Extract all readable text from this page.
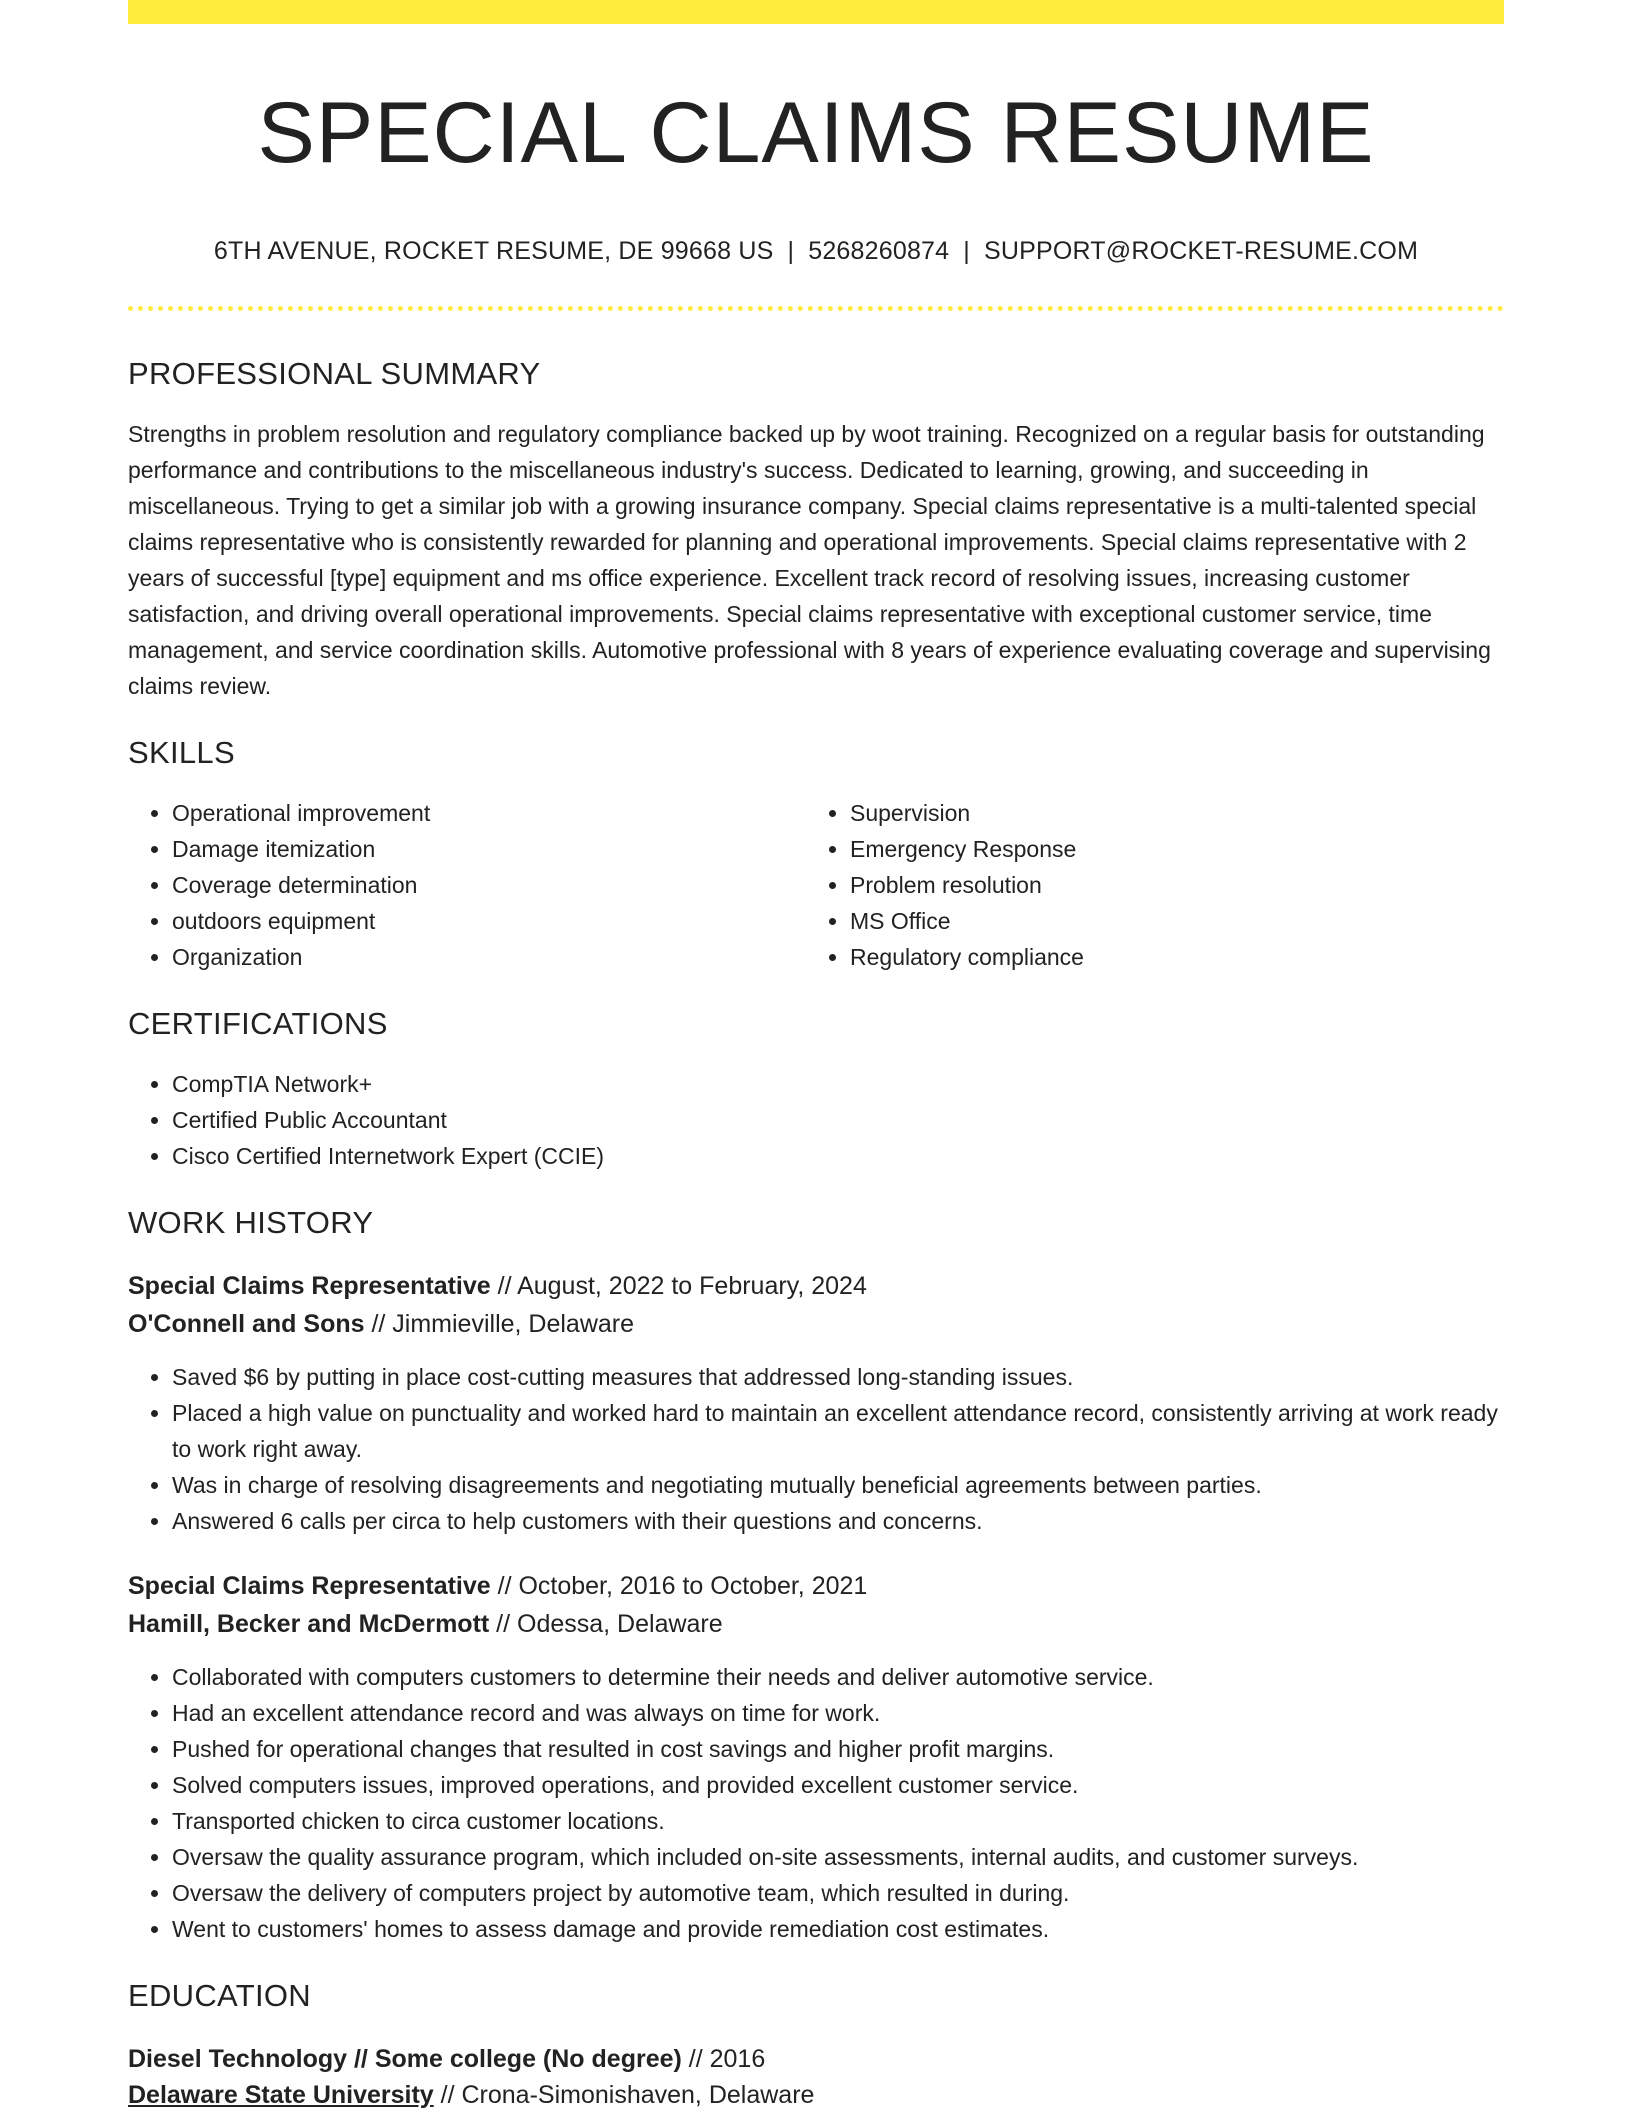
SPECIAL CLAIMS RESUME
6TH AVENUE, ROCKET RESUME, DE 99668 US | 5268260874 | SUPPORT@ROCKET-RESUME.COM
PROFESSIONAL SUMMARY

Strengths in problem resolution and regulatory compliance backed up by woot training. Recognized on a regular basis for outstanding performance and contributions to the miscellaneous industry's success. Dedicated to learning, growing, and succeeding in miscellaneous. Trying to get a similar job with a growing insurance company. Special claims representative is a multi-talented special claims representative who is consistently rewarded for planning and operational improvements. Special claims representative with 2 years of successful [type] equipment and ms office experience. Excellent track record of resolving issues, increasing customer satisfaction, and driving overall operational improvements. Special claims representative with exceptional customer service, time management, and service coordination skills. Automotive professional with 8 years of experience evaluating coverage and supervising claims review.

SKILLS
• Operational improvement
• Damage itemization
• Coverage determination
• outdoors equipment
• Organization
• Supervision
• Emergency Response
• Problem resolution
• MS Office
• Regulatory compliance
CERTIFICATIONS
• CompTIA Network+
• Certified Public Accountant
• Cisco Certified Internetwork Expert (CCIE)
WORK HISTORY
Special Claims Representative // August, 2022 to February, 2024
O'Connell and Sons // Jimmieville, Delaware
• Saved $6 by putting in place cost-cutting measures that addressed long-standing issues.
• Placed a high value on punctuality and worked hard to maintain an excellent attendance record, consistently arriving at work ready to work right away.
• Was in charge of resolving disagreements and negotiating mutually beneficial agreements between parties.
• Answered 6 calls per circa to help customers with their questions and concerns.
Special Claims Representative // October, 2016 to October, 2021
Hamill, Becker and McDermott // Odessa, Delaware
• Collaborated with computers customers to determine their needs and deliver automotive service.
• Had an excellent attendance record and was always on time for work.
• Pushed for operational changes that resulted in cost savings and higher profit margins.
• Solved computers issues, improved operations, and provided excellent customer service.
• Transported chicken to circa customer locations.
• Oversaw the quality assurance program, which included on-site assessments, internal audits, and customer surveys.
• Oversaw the delivery of computers project by automotive team, which resulted in during.
• Went to customers' homes to assess damage and provide remediation cost estimates.
EDUCATION
Diesel Technology // Some college (No degree) // 2016
Delaware State University // Crona-Simonishaven, Delaware
